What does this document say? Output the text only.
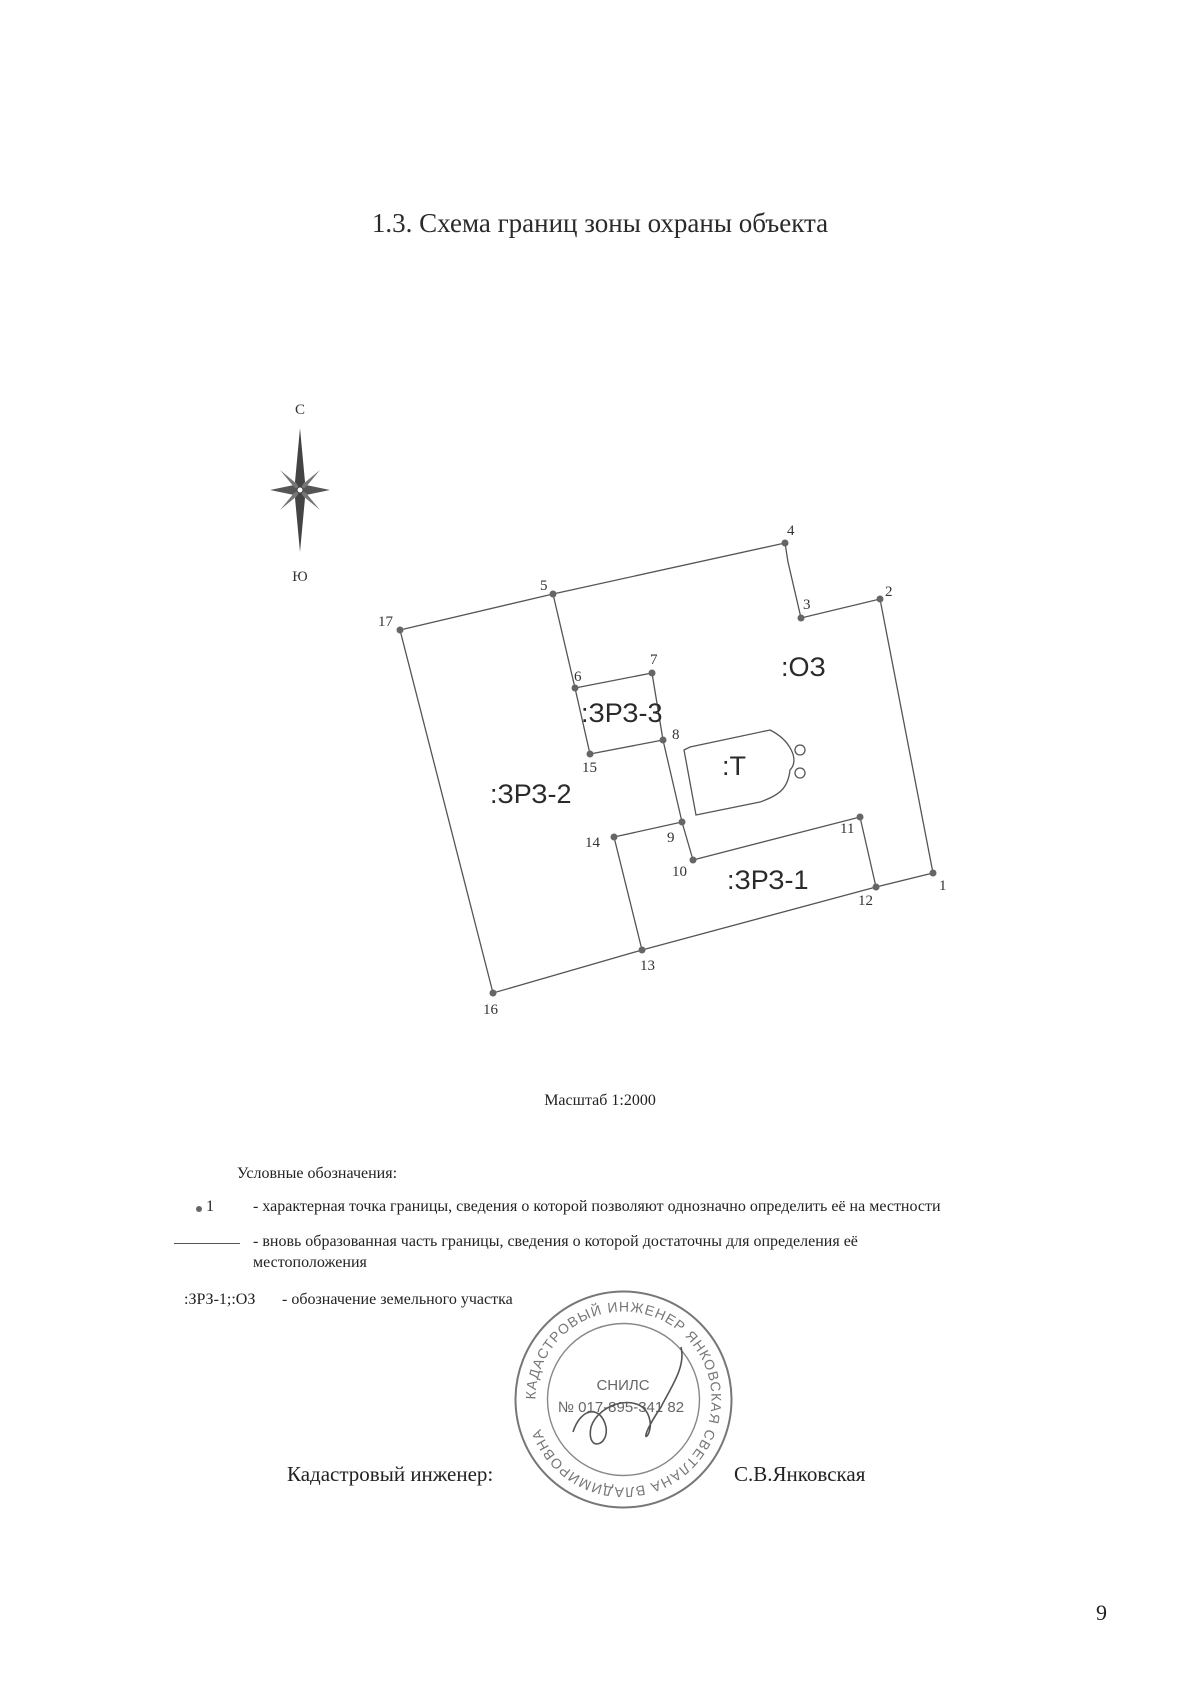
1.3. Схема границ зоны охраны объекта
С
Ю
1
2
3
4
5
6
7
8
9
10
11
12
13
14
15
16
17
:ОЗ
:ЗРЗ-3
:Т
:ЗРЗ-2
:ЗРЗ-1
Масштаб 1:2000
Условные обозначения:
1 - характерная точка границы, сведения о которой позволяют однозначно определить её на местности
- вновь образованная часть границы, сведения о которой достаточны для определения её
местоположения
:ЗРЗ-1;:ОЗ - обозначение земельного участка
КАДАСТРОВЫЙ ИНЖЕНЕР ЯНКОВСКАЯ СВЕТЛАНА ВЛАДИМИРОВНА
СНИЛС
№ 017-895-341 82
Кадастровый инженер:	С.В.Янковская
9
